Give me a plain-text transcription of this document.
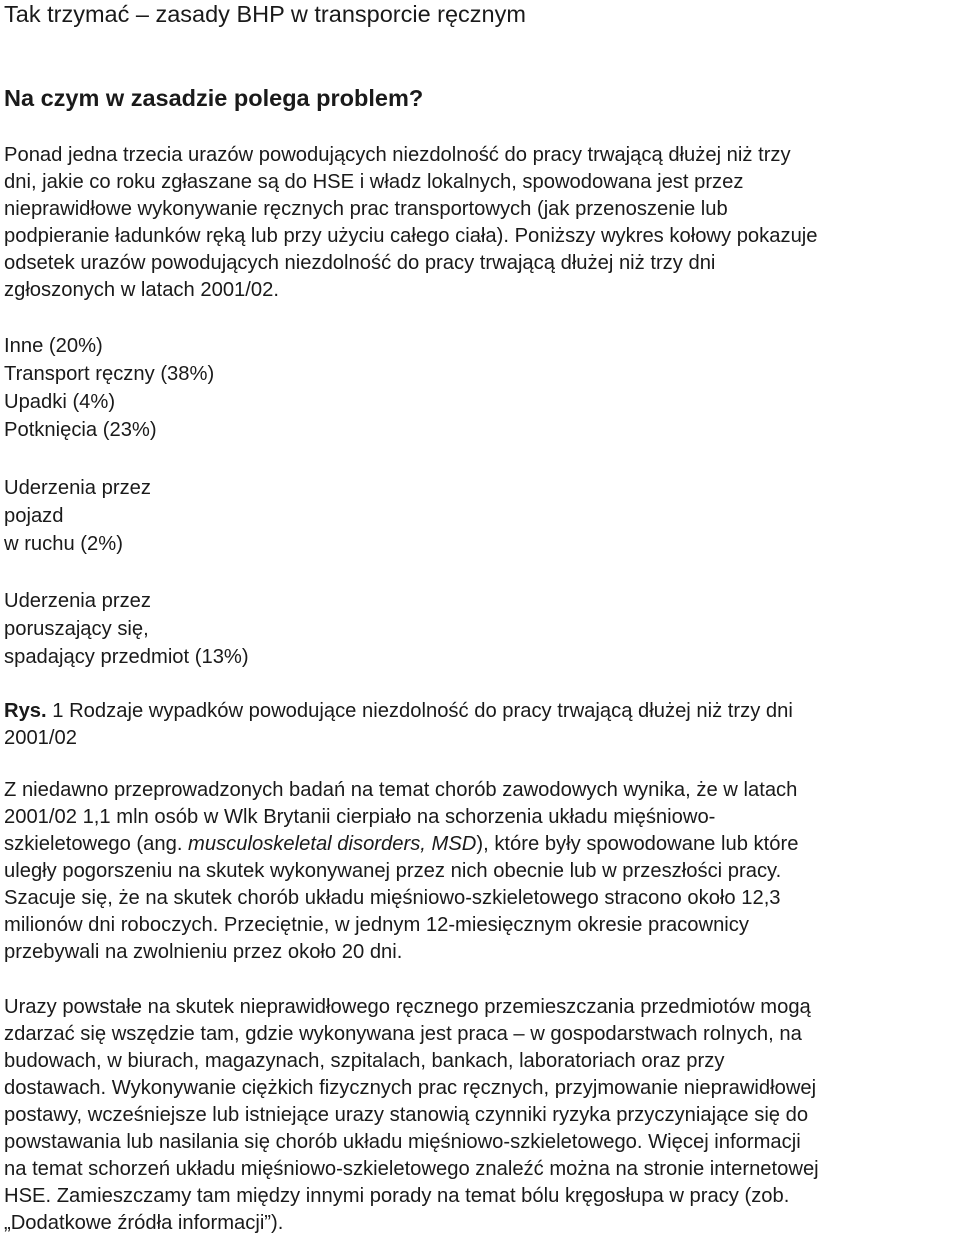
Tak trzymać – zasady BHP w transporcie ręcznym
Na czym w zasadzie polega problem?
Ponad jedna trzecia urazów powodujących niezdolność do pracy trwającą dłużej niż trzy
dni, jakie co roku zgłaszane są do HSE i władz lokalnych, spowodowana jest przez
nieprawidłowe wykonywanie ręcznych prac transportowych (jak przenoszenie lub
podpieranie ładunków ręką lub przy użyciu całego ciała). Poniższy wykres kołowy pokazuje
odsetek urazów powodujących niezdolność do pracy trwającą dłużej niż trzy dni
zgłoszonych w latach 2001/02.
Inne (20%)
Transport ręczny (38%)
Upadki (4%)
Potknięcia (23%)
Uderzenia przez
pojazd
w ruchu (2%)
Uderzenia przez
poruszający się,
spadający przedmiot (13%)
Rys. 1 Rodzaje wypadków powodujące niezdolność do pracy trwającą dłużej niż trzy dni
2001/02
Z niedawno przeprowadzonych badań na temat chorób zawodowych wynika, że w latach
2001/02 1,1 mln osób w Wlk Brytanii cierpiało na schorzenia układu mięśniowo-
szkieletowego (ang. musculoskeletal disorders, MSD), które były spowodowane lub które
uległy pogorszeniu na skutek wykonywanej przez nich obecnie lub w przeszłości pracy.
Szacuje się, że na skutek chorób układu mięśniowo-szkieletowego stracono około 12,3
milionów dni roboczych. Przeciętnie, w jednym 12-miesięcznym okresie pracownicy
przebywali na zwolnieniu przez około 20 dni.
Urazy powstałe na skutek nieprawidłowego ręcznego przemieszczania przedmiotów mogą
zdarzać się wszędzie tam, gdzie wykonywana jest praca – w gospodarstwach rolnych, na
budowach, w biurach, magazynach, szpitalach, bankach, laboratoriach oraz przy
dostawach. Wykonywanie ciężkich fizycznych prac ręcznych, przyjmowanie nieprawidłowej
postawy, wcześniejsze lub istniejące urazy stanowią czynniki ryzyka przyczyniające się do
powstawania lub nasilania się chorób układu mięśniowo-szkieletowego. Więcej informacji
na temat schorzeń układu mięśniowo-szkieletowego znaleźć można na stronie internetowej
HSE. Zamieszczamy tam między innymi porady na temat bólu kręgosłupa w pracy (zob.
„Dodatkowe źródła informacji”).
